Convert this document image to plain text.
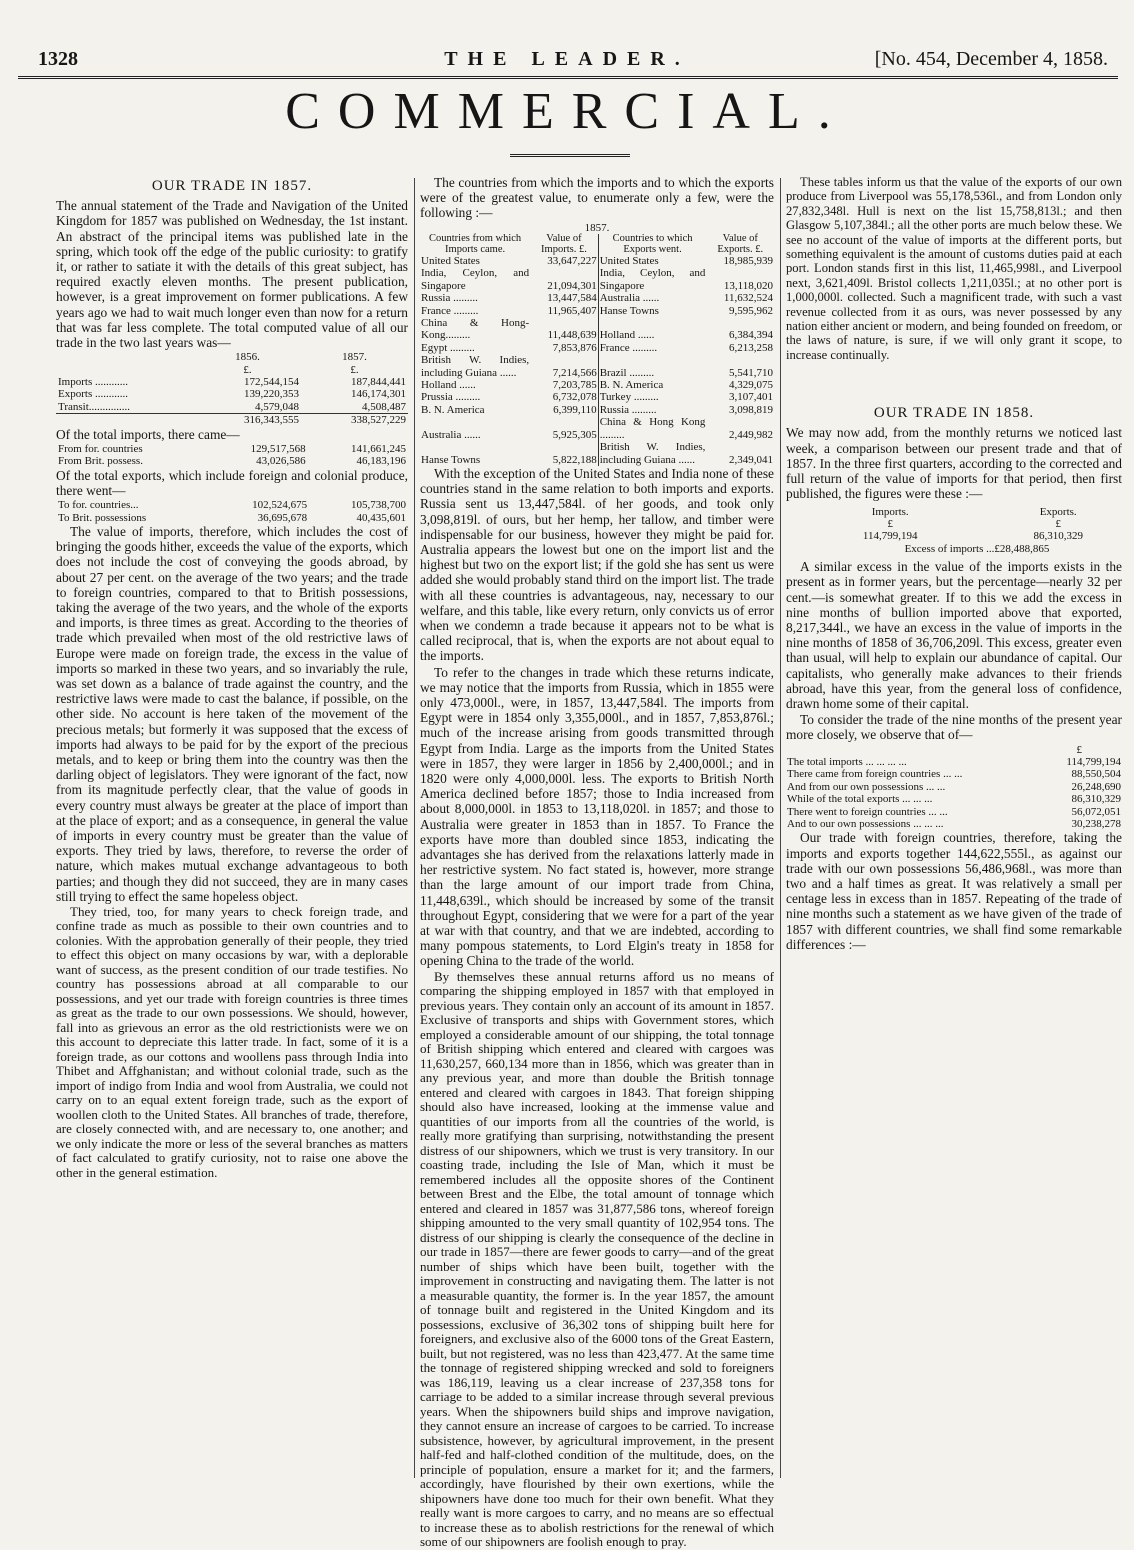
1328	THE LEADER.	[No. 454, December 4, 1858.
COMMERCIAL.
OUR TRADE IN 1857.

The annual statement of the Trade and Navigation of the United Kingdom for 1857 was published on Wednesday, the 1st instant. An abstract of the principal items was published late in the spring, which took off the edge of the public curiosity: to gratify it, or rather to satiate it with the details of this great subject, has required exactly eleven months. The present publication, however, is a great improvement on former publications. A few years ago we had to wait much longer even than now for a return that was far less complete. The total computed value of all our trade in the two last years was—

	1856.	1857.
	£.	£.
Imports ............	172,544,154	187,844,441
Exports ............	139,220,353	146,174,301
Transit...............	4,579,048	4,508,487
	316,343,555	338,527,229

Of the total imports, there came—

From for. countries	129,517,568	141,661,245
From Brit. possess.	43,026,586	46,183,196

Of the total exports, which include foreign and colonial produce, there went—

To for. countries...	102,524,675	105,738,700
To Brit. possessions	36,695,678	40,435,601

The value of imports, therefore, which includes the cost of bringing the goods hither, exceeds the value of the exports, which does not include the cost of conveying the goods abroad, by about 27 per cent. on the average of the two years; and the trade to foreign countries, compared to that to British possessions, taking the average of the two years, and the whole of the exports and imports, is three times as great. According to the theories of trade which prevailed when most of the old restrictive laws of Europe were made on foreign trade, the excess in the value of imports so marked in these two years, and so invariably the rule, was set down as a balance of trade against the country, and the restrictive laws were made to cast the balance, if possible, on the other side. No account is here taken of the movement of the precious metals; but formerly it was supposed that the excess of imports had always to be paid for by the export of the precious metals, and to keep or bring them into the country was then the darling object of legislators. They were ignorant of the fact, now from its magnitude perfectly clear, that the value of goods in every country must always be greater at the place of import than at the place of export; and as a consequence, in general the value of imports in every country must be greater than the value of exports. They tried by laws, therefore, to reverse the order of nature, which makes mutual exchange advantageous to both parties; and though they did not succeed, they are in many cases still trying to effect the same hopeless object.

They tried, too, for many years to check foreign trade, and confine trade as much as possible to their own countries and to colonies. With the approbation generally of their people, they tried to effect this object on many occasions by war, with a deplorable want of success, as the present condition of our trade testifies. No country has possessions abroad at all comparable to our possessions, and yet our trade with foreign countries is three times as great as the trade to our own possessions. We should, however, fall into as grievous an error as the old restrictionists were we on this account to depreciate this latter trade. In fact, some of it is a foreign trade, as our cottons and woollens pass through India into Thibet and Affghanistan; and without colonial trade, such as the import of indigo from India and wool from Australia, we could not carry on to an equal extent foreign trade, such as the export of woollen cloth to the United States. All branches of trade, therefore, are closely connected with, and are necessary to, one another; and we only indicate the more or less of the several branches as matters of fact calculated to gratify curiosity, not to raise one above the other in the general estimation.

The countries from which the imports and to which the exports were of the greatest value, to enumerate only a few, were the following :—

1857.
Countries from which Imports came.	Value of Imports. £.	Countries to which Exports went.	Value of Exports. £.
United States	33,647,227	United States	18,985,939
India, Ceylon, and Singapore	21,094,301	India, Ceylon, and Singapore	13,118,020
Russia .........	13,447,584	Australia ......	11,632,524
France .........	11,965,407	Hanse Towns	9,595,962
China & Hong-Kong.........	11,448,639	Holland ......	6,384,394
Egypt .........	7,853,876	France .........	6,213,258
British W. Indies, including Guiana ......	7,214,566	Brazil .........	5,541,710
Holland ......	7,203,785	B. N. America	4,329,075
Prussia .........	6,732,078	Turkey .........	3,107,401
B. N. America	6,399,110	Russia .........	3,098,819
Australia ......	5,925,305	China & Hong Kong .........	2,449,982
Hanse Towns	5,822,188	British W. Indies, including Guiana ......	2,349,041

With the exception of the United States and India none of these countries stand in the same relation to both imports and exports. Russia sent us 13,447,584l. of her goods, and took only 3,098,819l. of ours, but her hemp, her tallow, and timber were indispensable for our business, however they might be paid for. Australia appears the lowest but one on the import list and the highest but two on the export list; if the gold she has sent us were added she would probably stand third on the import list. The trade with all these countries is advantageous, nay, necessary to our welfare, and this table, like every return, only convicts us of error when we condemn a trade because it appears not to be what is called reciprocal, that is, when the exports are not about equal to the imports.

To refer to the changes in trade which these returns indicate, we may notice that the imports from Russia, which in 1855 were only 473,000l., were, in 1857, 13,447,584l. The imports from Egypt were in 1854 only 3,355,000l., and in 1857, 7,853,876l.; much of the increase arising from goods transmitted through Egypt from India. Large as the imports from the United States were in 1857, they were larger in 1856 by 2,400,000l.; and in 1820 were only 4,000,000l. less. The exports to British North America declined before 1857; those to India increased from about 8,000,000l. in 1853 to 13,118,020l. in 1857; and those to Australia were greater in 1853 than in 1857. To France the exports have more than doubled since 1853, indicating the advantages she has derived from the relaxations latterly made in her restrictive system. No fact stated is, however, more strange than the large amount of our import trade from China, 11,448,639l., which should be increased by some of the transit throughout Egypt, considering that we were for a part of the year at war with that country, and that we are indebted, according to many pompous statements, to Lord Elgin's treaty in 1858 for opening China to the trade of the world.

By themselves these annual returns afford us no means of comparing the shipping employed in 1857 with that employed in previous years. They contain only an account of its amount in 1857. Exclusive of transports and ships with Government stores, which employed a considerable amount of our shipping, the total tonnage of British shipping which entered and cleared with cargoes was 11,630,257, 660,134 more than in 1856, which was greater than in any previous year, and more than double the British tonnage entered and cleared with cargoes in 1843. That foreign shipping should also have increased, looking at the immense value and quantities of our imports from all the countries of the world, is really more gratifying than surprising, notwithstanding the present distress of our shipowners, which we trust is very transitory. In our coasting trade, including the Isle of Man, which it must be remembered includes all the opposite shores of the Continent between Brest and the Elbe, the total amount of tonnage which entered and cleared in 1857 was 31,877,586 tons, whereof foreign shipping amounted to the very small quantity of 102,954 tons. The distress of our shipping is clearly the consequence of the decline in our trade in 1857—there are fewer goods to carry—and of the great number of ships which have been built, together with the improvement in constructing and navigating them. The latter is not a measurable quantity, the former is. In the year 1857, the amount of tonnage built and registered in the United Kingdom and its possessions, exclusive of 36,302 tons of shipping built here for foreigners, and exclusive also of the 6000 tons of the Great Eastern, built, but not registered, was no less than 423,477. At the same time the tonnage of registered shipping wrecked and sold to foreigners was 186,119, leaving us a clear increase of 237,358 tons for carriage to be added to a similar increase through several previous years. When the shipowners build ships and improve navigation, they cannot ensure an increase of cargoes to be carried. To increase subsistence, however, by agricultural improvement, in the present half-fed and half-clothed condition of the multitude, does, on the principle of population, ensure a market for it; and the farmers, accordingly, have flourished by their own exertions, while the shipowners have done too much for their own benefit. What they really want is more cargoes to carry, and no means are so effectual to increase these as to abolish restrictions for the renewal of which some of our shipowners are foolish enough to pray.

These tables inform us that the value of the exports of our own produce from Liverpool was 55,178,536l., and from London only 27,832,348l. Hull is next on the list 15,758,813l.; and then Glasgow 5,107,384l.; all the other ports are much below these. We see no account of the value of imports at the different ports, but something equivalent is the amount of customs duties paid at each port. London stands first in this list, 11,465,998l., and Liverpool next, 3,621,409l. Bristol collects 1,211,035l.; at no other port is 1,000,000l. collected. Such a magnificent trade, with such a vast revenue collected from it as ours, was never possessed by any nation either ancient or modern, and being founded on freedom, or the laws of nature, is sure, if we will only grant it scope, to increase continually.

OUR TRADE IN 1858.

We may now add, from the monthly returns we noticed last week, a comparison between our present trade and that of 1857. In the three first quarters, according to the corrected and full return of the value of imports for that period, then first published, the figures were these :—

Imports.	Exports.
£	£
114,799,194	86,310,329
Excess of imports ...	£28,488,865

A similar excess in the value of the imports exists in the present as in former years, but the percentage—nearly 32 per cent.—is somewhat greater. If to this we add the excess in nine months of bullion imported above that exported, 8,217,344l., we have an excess in the value of imports in the nine months of 1858 of 36,706,209l. This excess, greater even than usual, will help to explain our abundance of capital. Our capitalists, who generally make advances to their friends abroad, have this year, from the general loss of confidence, drawn home some of their capital.

To consider the trade of the nine months of the present year more closely, we observe that of—

£
The total imports ... ... ... ...	114,799,194
There came from foreign countries ... ...	88,550,504
And from our own possessions ... ...	26,248,690
While of the total exports ... ... ...	86,310,329
There went to foreign countries ... ...	56,072,051
And to our own possessions ... ... ...	30,238,278

Our trade with foreign countries, therefore, taking the imports and exports together 144,622,555l., as against our trade with our own possessions 56,486,968l., was more than two and a half times as great. It was relatively a small per centage less in excess than in 1857. Repeating of the trade of nine months such a statement as we have given of the trade of 1857 with different countries, we shall find some remarkable differences :—
